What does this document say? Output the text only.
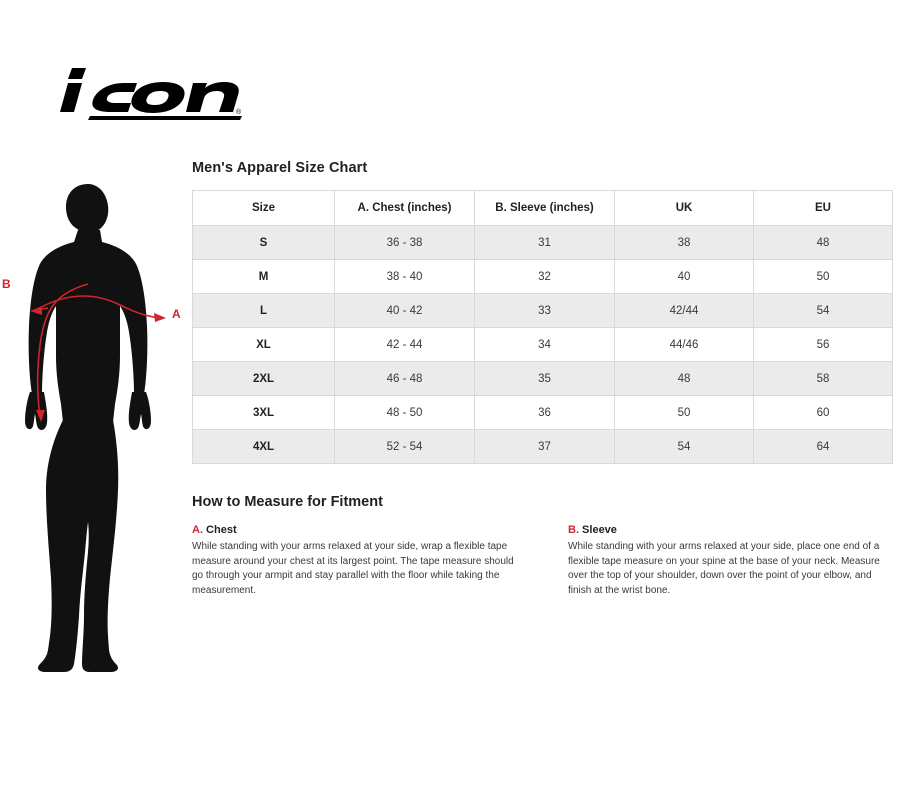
®
B
A
Men's Apparel Size Chart
Size	A. Chest (inches)	B. Sleeve (inches)	UK	EU
S	36 - 38	31	38	48
M	38 - 40	32	40	50
L	40 - 42	33	42/44	54
XL	42 - 44	34	44/46	56
2XL	46 - 48	35	48	58
3XL	48 - 50	36	50	60
4XL	52 - 54	37	54	64
How to Measure for Fitment
A. Chest
While standing with your arms relaxed at your side, wrap a flexible tape measure around your chest at its largest point. The tape measure should go through your armpit and stay parallel with the floor while taking the measurement.
B. Sleeve
While standing with your arms relaxed at your side, place one end of a flexible tape measure on your spine at the base of your neck. Measure over the top of your shoulder, down over the point of your elbow, and finish at the wrist bone.
